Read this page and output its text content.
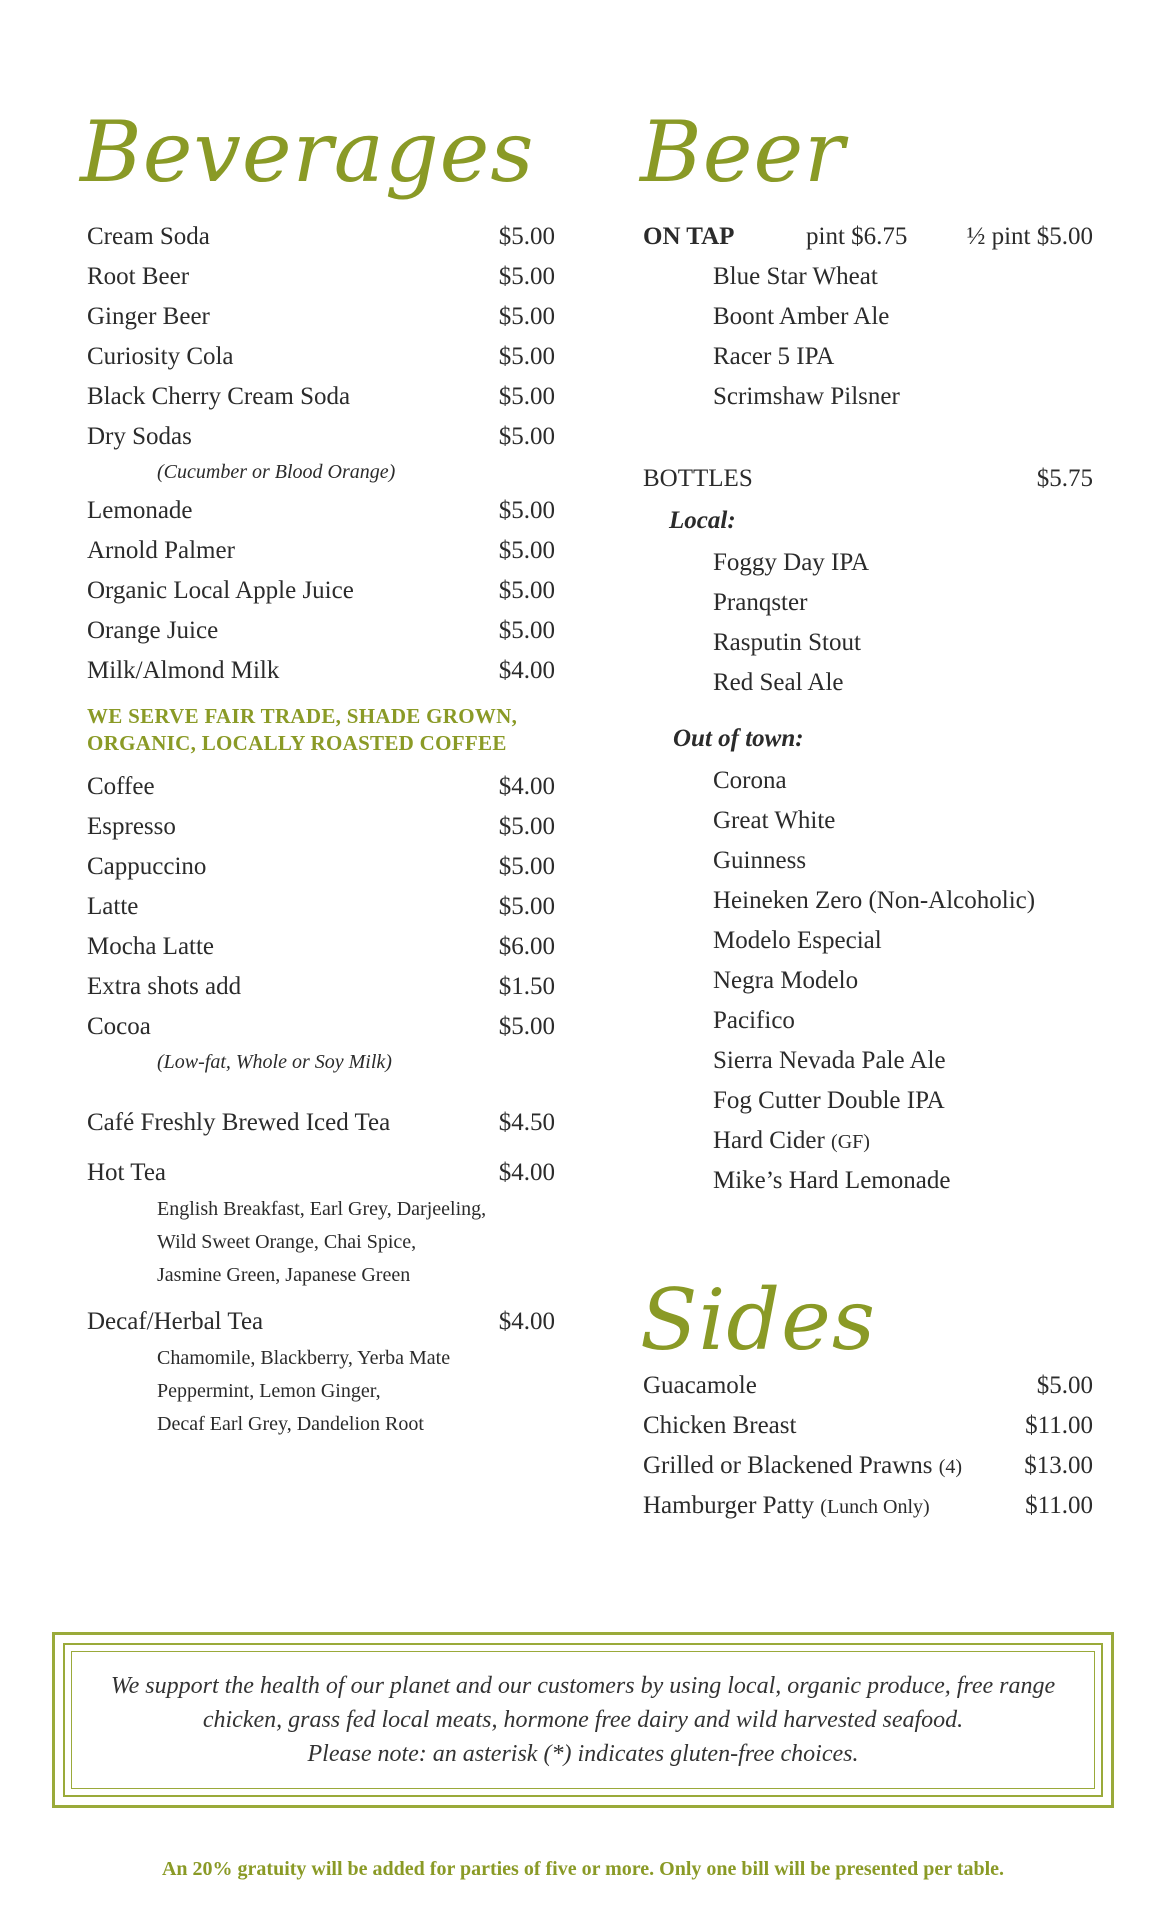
Beverages Beer
Sides
Cream Soda	$5.00
Root Beer	$5.00
Ginger Beer	$5.00
Curiosity Cola	$5.00
Black Cherry Cream Soda	$5.00
Dry Sodas	$5.00
(Cucumber or Blood Orange)
Lemonade	$5.00
Arnold Palmer	$5.00
Organic Local Apple Juice	$5.00
Orange Juice	$5.00
Milk/Almond Milk	$4.00
WE SERVE FAIR TRADE, SHADE GROWN,
ORGANIC, LOCALLY ROASTED COFFEE
Coffee	$4.00
Espresso	$5.00
Cappuccino	$5.00
Latte	$5.00
Mocha Latte	$6.00
Extra shots add	$1.50
Cocoa	$5.00
(Low-fat, Whole or Soy Milk)
Café Freshly Brewed Iced Tea	$4.50
Hot Tea	$4.00
English Breakfast, Earl Grey, Darjeeling,
Wild Sweet Orange, Chai Spice,
Jasmine Green, Japanese Green
Decaf/Herbal Tea	$4.00
Chamomile, Blackberry, Yerba Mate
Peppermint, Lemon Ginger,
Decaf Earl Grey, Dandelion Root
ON TAP	pint $6.75 ½ pint $5.00
Blue Star Wheat
Boont Amber Ale
Racer 5 IPA
Scrimshaw Pilsner
BOTTLES	$5.75
Local:
Foggy Day IPA
Pranqster
Rasputin Stout
Red Seal Ale
Out of town:
Corona
Great White
Guinness
Heineken Zero (Non-Alcoholic)
Modelo Especial
Negra Modelo
Pacifico
Sierra Nevada Pale Ale
Fog Cutter Double IPA
Hard Cider (GF)
Mike’s Hard Lemonade
Guacamole	$5.00
Chicken Breast	$11.00
Grilled or Blackened Prawns (4) $13.00
Hamburger Patty (Lunch Only)	$11.00
We support the health of our planet and our customers by using local, organic produce, free range
chicken, grass fed local meats, hormone free dairy and wild harvested seafood.
Please note: an asterisk (*) indicates gluten-free choices.
An 20% gratuity will be added for parties of five or more. Only one bill will be presented per table.
